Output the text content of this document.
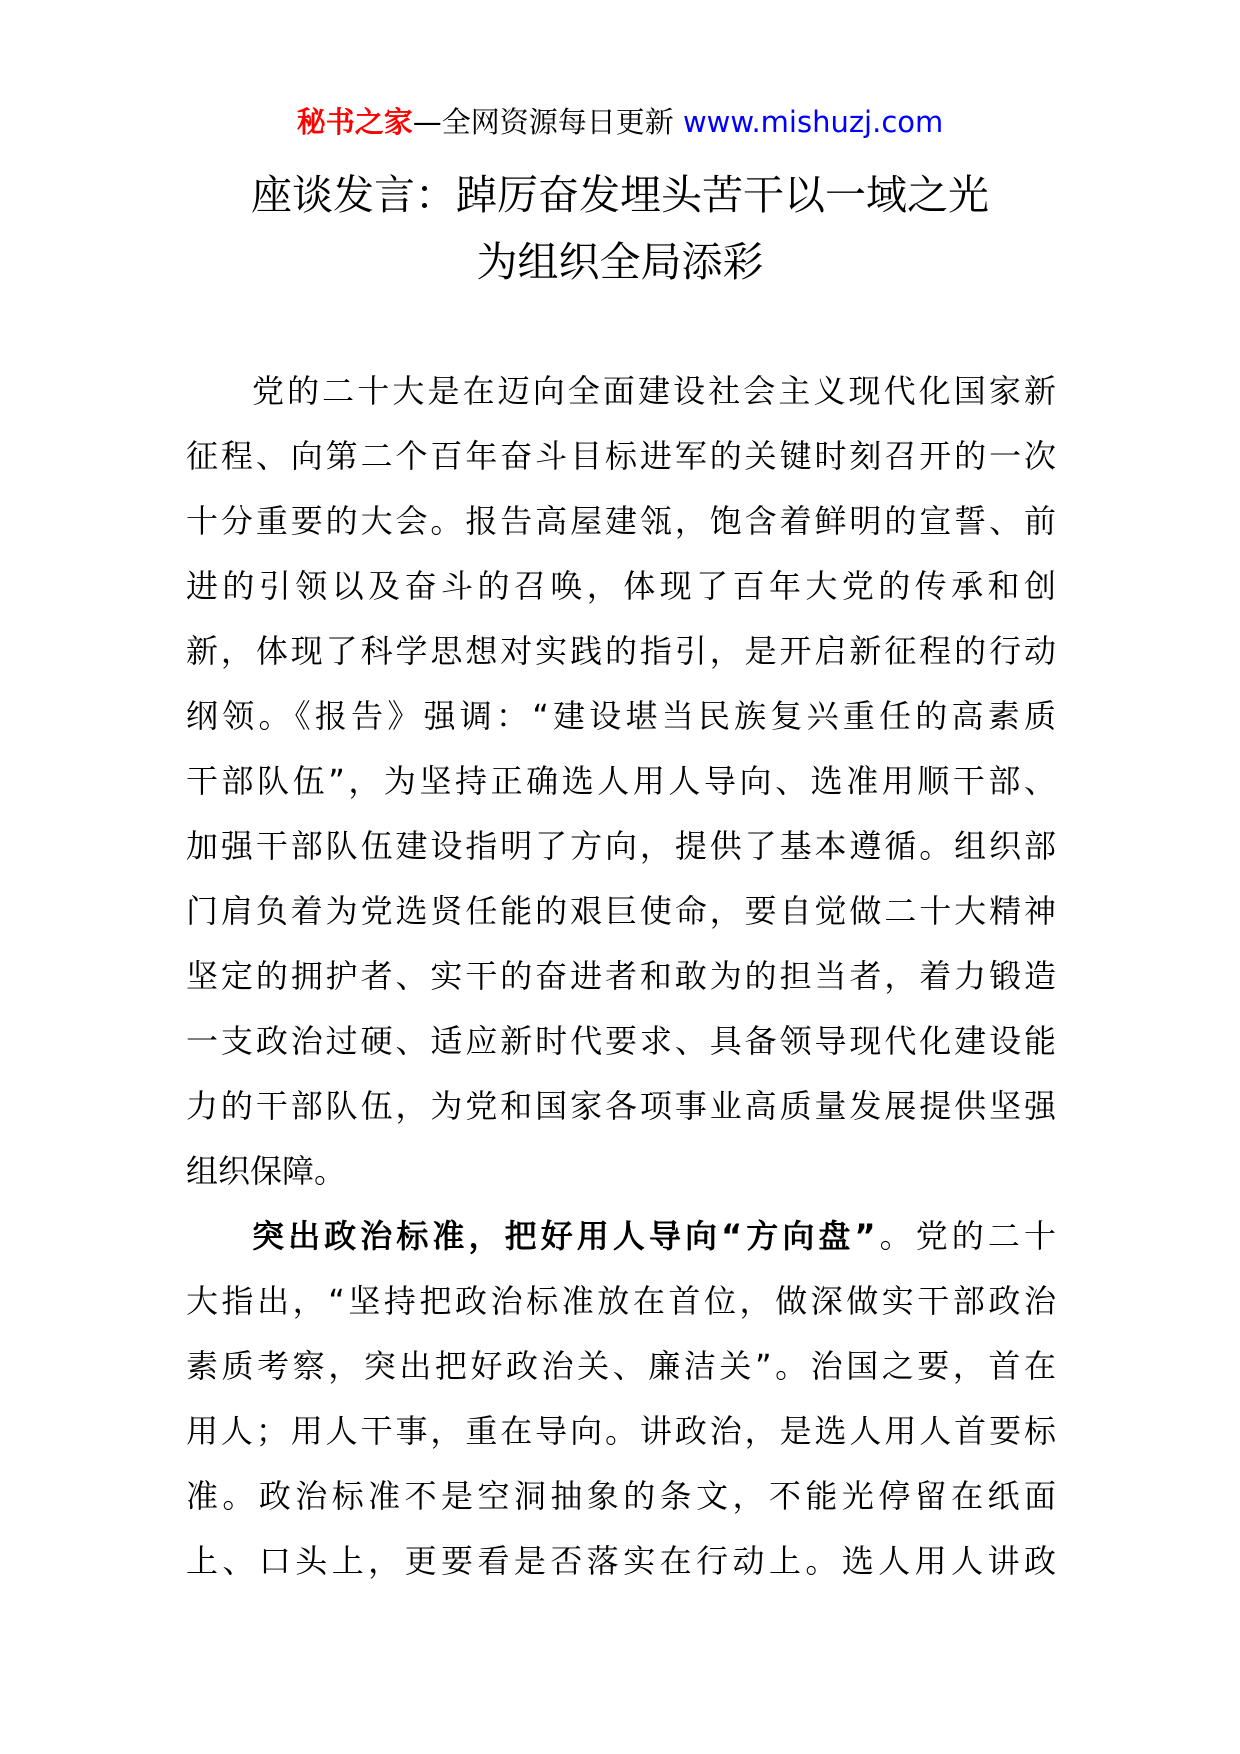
秘书之家—全网资源每日更新 www.mishuzj.com
座谈发言：踔厉奋发埋头苦干以一域之光
为组织全局添彩
党的二十大是在迈向全面建设社会主义现代化国家新
征程、向第二个百年奋斗目标进军的关键时刻召开的一次
十分重要的大会。报告高屋建瓴，饱含着鲜明的宣誓、前
进的引领以及奋斗的召唤，体现了百年大党的传承和创
新，体现了科学思想对实践的指引，是开启新征程的行动
纲领。《报告》强调：“建设堪当民族复兴重任的高素质
干部队伍”，为坚持正确选人用人导向、选准用顺干部、
加强干部队伍建设指明了方向，提供了基本遵循。组织部
门肩负着为党选贤任能的艰巨使命，要自觉做二十大精神
坚定的拥护者、实干的奋进者和敢为的担当者，着力锻造
一支政治过硬、适应新时代要求、具备领导现代化建设能
力的干部队伍，为党和国家各项事业高质量发展提供坚强
组织保障。
突出政治标准，把好用人导向“方向盘”。党的二十
大指出，“坚持把政治标准放在首位，做深做实干部政治
素质考察，突出把好政治关、廉洁关”。治国之要，首在
用人；用人干事，重在导向。讲政治，是选人用人首要标
准。政治标准不是空洞抽象的条文，不能光停留在纸面
上、口头上，更要看是否落实在行动上。选人用人讲政
